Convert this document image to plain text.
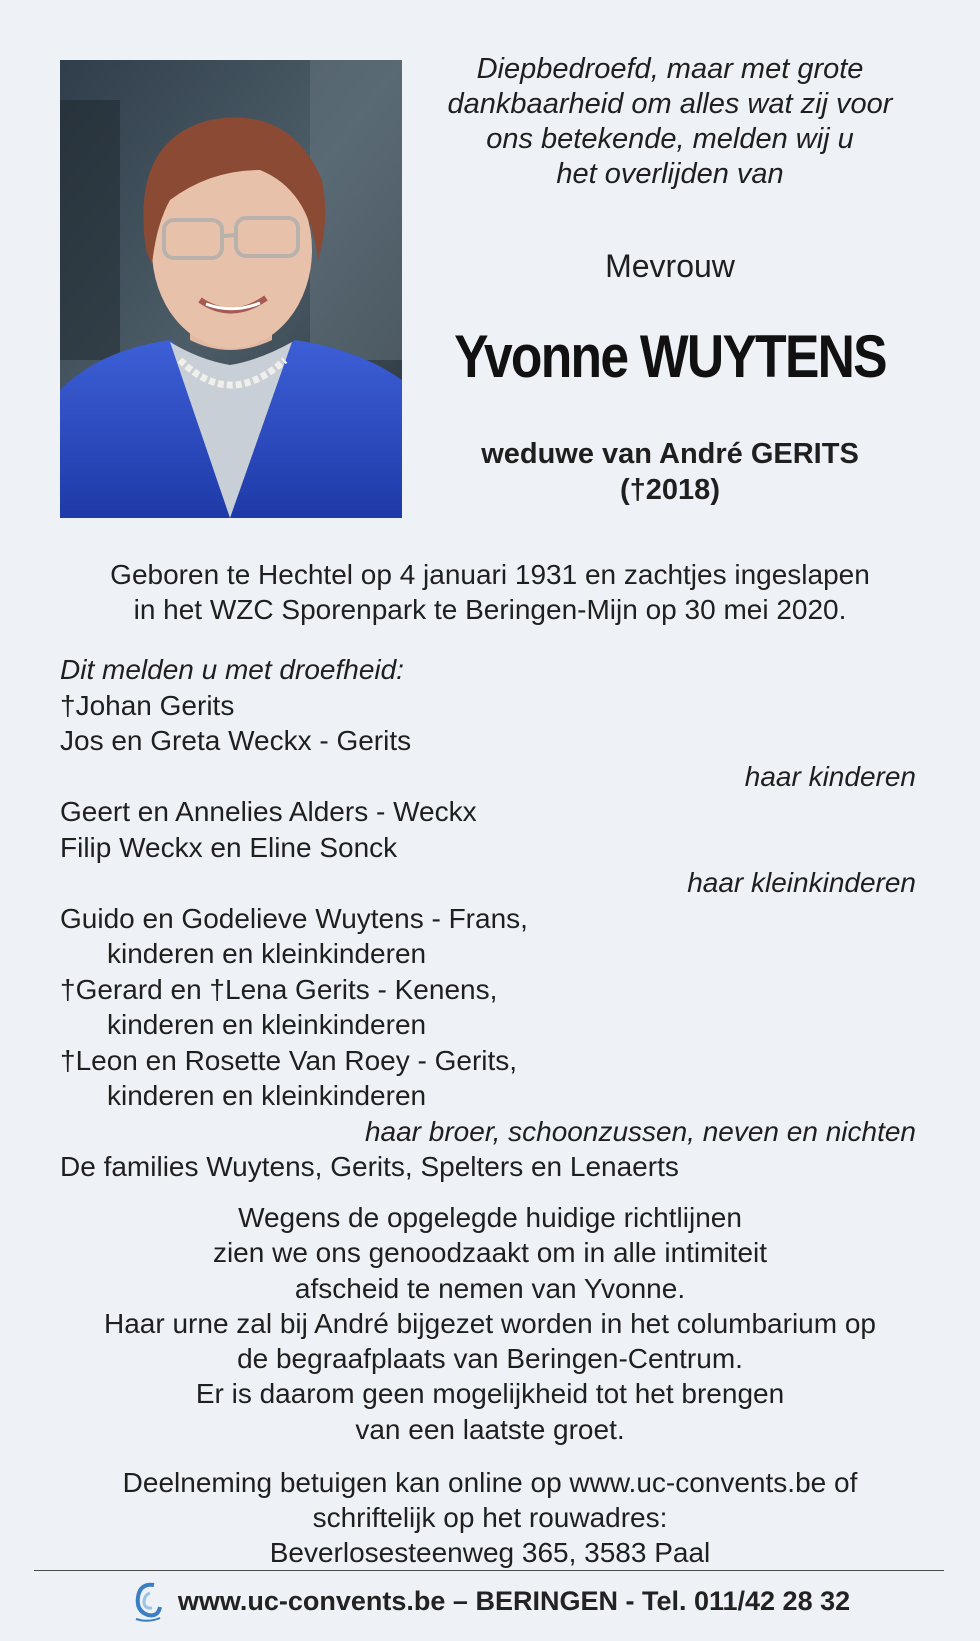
Diepbedroefd, maar met grote
dankbaarheid om alles wat zij voor
ons betekende, melden wij u
het overlijden van
Mevrouw
Yvonne WUYTENS
weduwe van André GERITS
(†2018)
Geboren te Hechtel op 4 januari 1931 en zachtjes ingeslapen
in het WZC Sporenpark te Beringen-Mijn op 30 mei 2020.
Dit melden u met droefheid:
†Johan Gerits
Jos en Greta Weckx - Gerits
haar kinderen
Geert en Annelies Alders - Weckx
Filip Weckx en Eline Sonck
haar kleinkinderen
Guido en Godelieve Wuytens - Frans,
kinderen en kleinkinderen
†Gerard en †Lena Gerits - Kenens,
kinderen en kleinkinderen
†Leon en Rosette Van Roey - Gerits,
kinderen en kleinkinderen
haar broer, schoonzussen, neven en nichten
De families Wuytens, Gerits, Spelters en Lenaerts
Wegens de opgelegde huidige richtlijnen
zien we ons genoodzaakt om in alle intimiteit
afscheid te nemen van Yvonne.
Haar urne zal bij André bijgezet worden in het columbarium op
de begraafplaats van Beringen-Centrum.
Er is daarom geen mogelijkheid tot het brengen
van een laatste groet.
Deelneming betuigen kan online op www.uc-convents.be of
schriftelijk op het rouwadres:
Beverlosesteenweg 365, 3583 Paal
www.uc-convents.be – BERINGEN - Tel. 011/42 28 32
